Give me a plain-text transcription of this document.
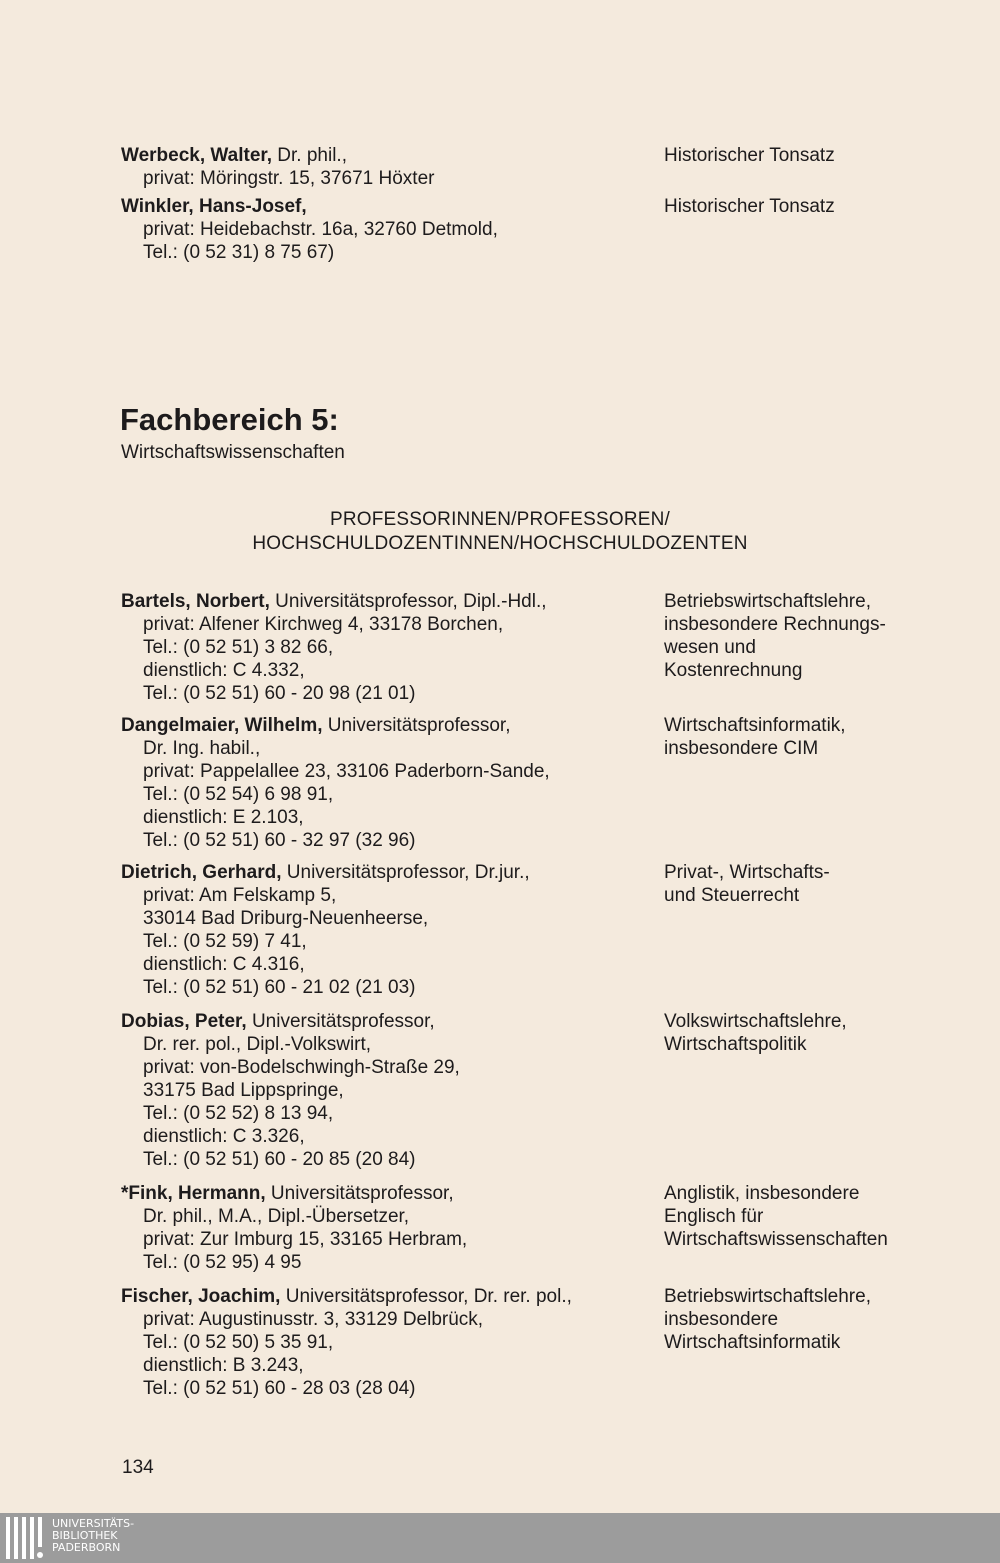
Werbeck, Walter, Dr. phil.,
privat: Möringstr. 15, 37671 Höxter
Historischer Tonsatz
Winkler, Hans-Josef,
privat: Heidebachstr. 16a, 32760 Detmold,
Tel.: (0 52 31) 8 75 67)
Historischer Tonsatz
Fachbereich 5:
Wirtschaftswissenschaften
PROFESSORINNEN/PROFESSOREN/
HOCHSCHULDOZENTINNEN/HOCHSCHULDOZENTEN
Bartels, Norbert, Universitätsprofessor, Dipl.-Hdl.,
privat: Alfener Kirchweg 4, 33178 Borchen,
Tel.: (0 52 51) 3 82 66,
dienstlich: C 4.332,
Tel.: (0 52 51) 60 - 20 98 (21 01)
Betriebswirtschaftslehre,
insbesondere Rechnungs-
wesen und
Kostenrechnung
Dangelmaier, Wilhelm, Universitätsprofessor,
Dr. Ing. habil.,
privat: Pappelallee 23, 33106 Paderborn-Sande,
Tel.: (0 52 54) 6 98 91,
dienstlich: E 2.103,
Tel.: (0 52 51) 60 - 32 97 (32 96)
Wirtschaftsinformatik,
insbesondere CIM
Dietrich, Gerhard, Universitätsprofessor, Dr.jur.,
privat: Am Felskamp 5,
33014 Bad Driburg-Neuenheerse,
Tel.: (0 52 59) 7 41,
dienstlich: C 4.316,
Tel.: (0 52 51) 60 - 21 02 (21 03)
Privat-, Wirtschafts-
und Steuerrecht
Dobias, Peter, Universitätsprofessor,
Dr. rer. pol., Dipl.-Volkswirt,
privat: von-Bodelschwingh-Straße 29,
33175 Bad Lippspringe,
Tel.: (0 52 52) 8 13 94,
dienstlich: C 3.326,
Tel.: (0 52 51) 60 - 20 85 (20 84)
Volkswirtschaftslehre,
Wirtschaftspolitik
*Fink, Hermann, Universitätsprofessor,
Dr. phil., M.A., Dipl.-Übersetzer,
privat: Zur Imburg 15, 33165 Herbram,
Tel.: (0 52 95) 4 95
Anglistik, insbesondere
Englisch für
Wirtschaftswissenschaften
Fischer, Joachim, Universitätsprofessor, Dr. rer. pol.,
privat: Augustinusstr. 3, 33129 Delbrück,
Tel.: (0 52 50) 5 35 91,
dienstlich: B 3.243,
Tel.: (0 52 51) 60 - 28 03 (28 04)
Betriebswirtschaftslehre,
insbesondere
Wirtschaftsinformatik
134
UNIVERSITÄTS-
BIBLIOTHEK
PADERBORN
